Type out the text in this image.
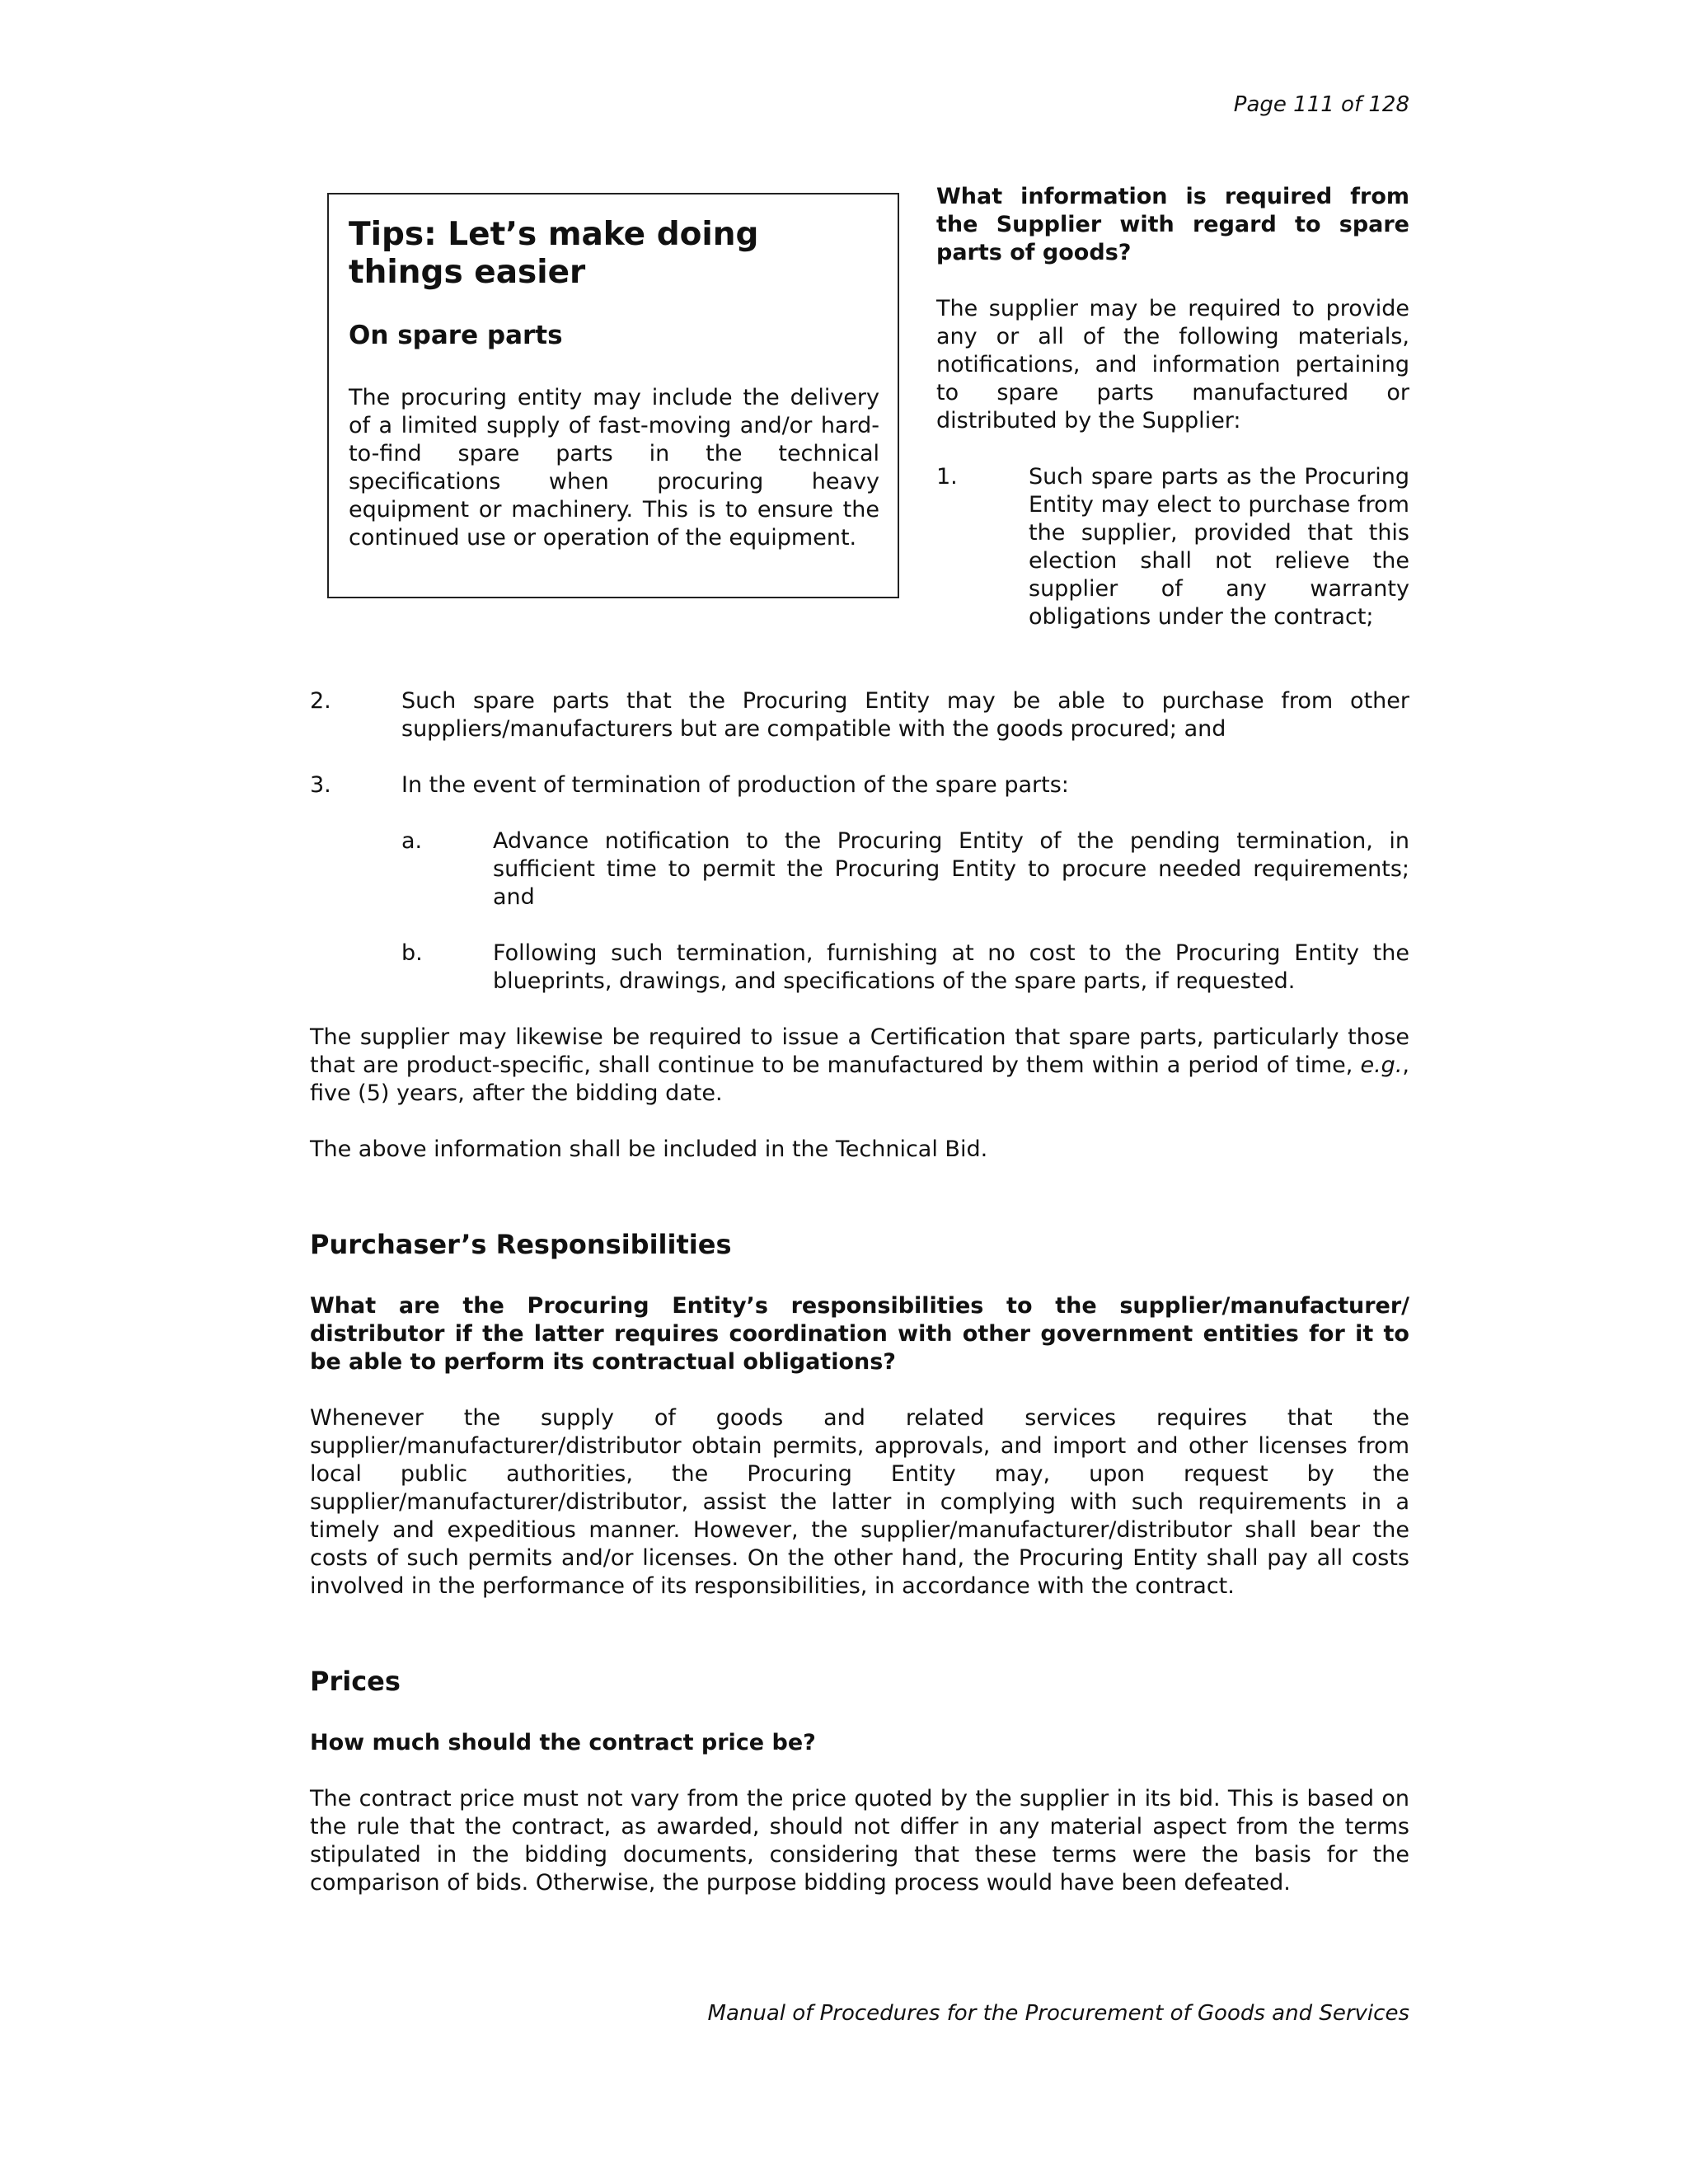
Page 111 of 128

Tips: Let’s make doing things easier

On spare parts

The procuring entity may include the delivery of a limited supply of fast-moving and/or hard-to-find spare parts in the technical specifications when procuring heavy equipment or machinery. This is to ensure the continued use or operation of the equipment.

What information is required from the Supplier with regard to spare parts of goods?

The supplier may be required to provide any or all of the following materials, notifications, and information pertaining to spare parts manufactured or distributed by the Supplier:

1.	Such spare parts as the Procuring Entity may elect to purchase from the supplier, provided that this election shall not relieve the supplier of any warranty obligations under the contract;
2.	Such spare parts that the Procuring Entity may be able to purchase from other suppliers/manufacturers but are compatible with the goods procured; and
3.	In the event of termination of production of the spare parts:
a.	Advance notification to the Procuring Entity of the pending termination, in sufficient time to permit the Procuring Entity to procure needed requirements; and
b.	Following such termination, furnishing at no cost to the Procuring Entity the blueprints, drawings, and specifications of the spare parts, if requested.

The supplier may likewise be required to issue a Certification that spare parts, particularly those that are product-specific, shall continue to be manufactured by them within a period of time, e.g., five (5) years, after the bidding date.

The above information shall be included in the Technical Bid.

Purchaser’s Responsibilities

What are the Procuring Entity’s responsibilities to the supplier/manufacturer/ distributor if the latter requires coordination with other government entities for it to be able to perform its contractual obligations?

Whenever the supply of goods and related services requires that the supplier/manufacturer/distributor obtain permits, approvals, and import and other licenses from local public authorities, the Procuring Entity may, upon request by the supplier/manufacturer/distributor, assist the latter in complying with such requirements in a timely and expeditious manner. However, the supplier/manufacturer/distributor shall bear the costs of such permits and/or licenses. On the other hand, the Procuring Entity shall pay all costs involved in the performance of its responsibilities, in accordance with the contract.

Prices

How much should the contract price be?

The contract price must not vary from the price quoted by the supplier in its bid. This is based on the rule that the contract, as awarded, should not differ in any material aspect from the terms stipulated in the bidding documents, considering that these terms were the basis for the comparison of bids. Otherwise, the purpose bidding process would have been defeated.

Manual of Procedures for the Procurement of Goods and Services
